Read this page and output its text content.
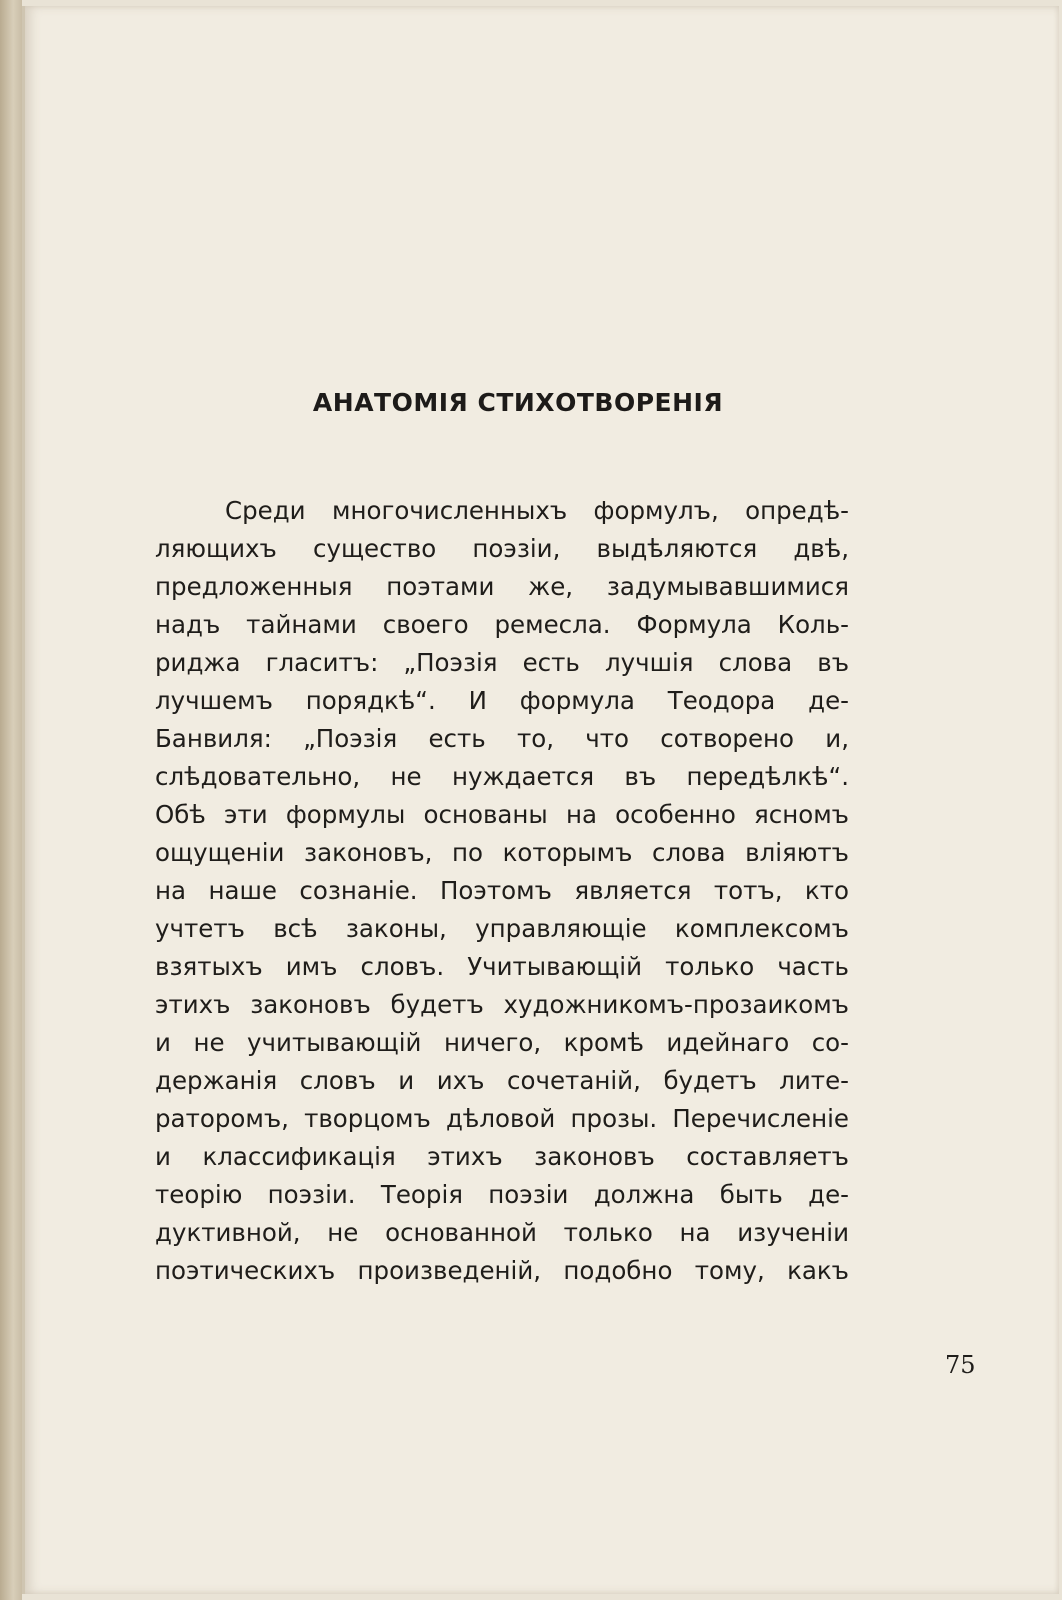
АНАТОМІЯ СТИХОТВОРЕНІЯ
Среди многочисленныхъ формулъ, опредѣ-
ляющихъ существо поэзіи, выдѣляются двѣ,
предложенныя поэтами же, задумывавшимися
надъ тайнами своего ремесла. Формула Коль-
риджа гласитъ: „Поэзія есть лучшія слова въ
лучшемъ порядкѣ“. И формула Теодора де-
Банвиля: „Поэзія есть то, что сотворено и,
слѣдовательно, не нуждается въ передѣлкѣ“.
Обѣ эти формулы основаны на особенно ясномъ
ощущеніи законовъ, по которымъ слова вліяютъ
на наше сознаніе. Поэтомъ является тотъ, кто
учтетъ всѣ законы, управляющіе комплексомъ
взятыхъ имъ словъ. Учитывающій только часть
этихъ законовъ будетъ художникомъ-прозаикомъ
и не учитывающій ничего, кромѣ идейнаго со-
держанія словъ и ихъ сочетаній, будетъ лите-
раторомъ, творцомъ дѣловой прозы. Перечисленіе
и классификація этихъ законовъ составляетъ
теорію поэзіи. Теорія поэзіи должна быть де-
дуктивной, не основанной только на изученіи
поэтическихъ произведеній, подобно тому, какъ
75
